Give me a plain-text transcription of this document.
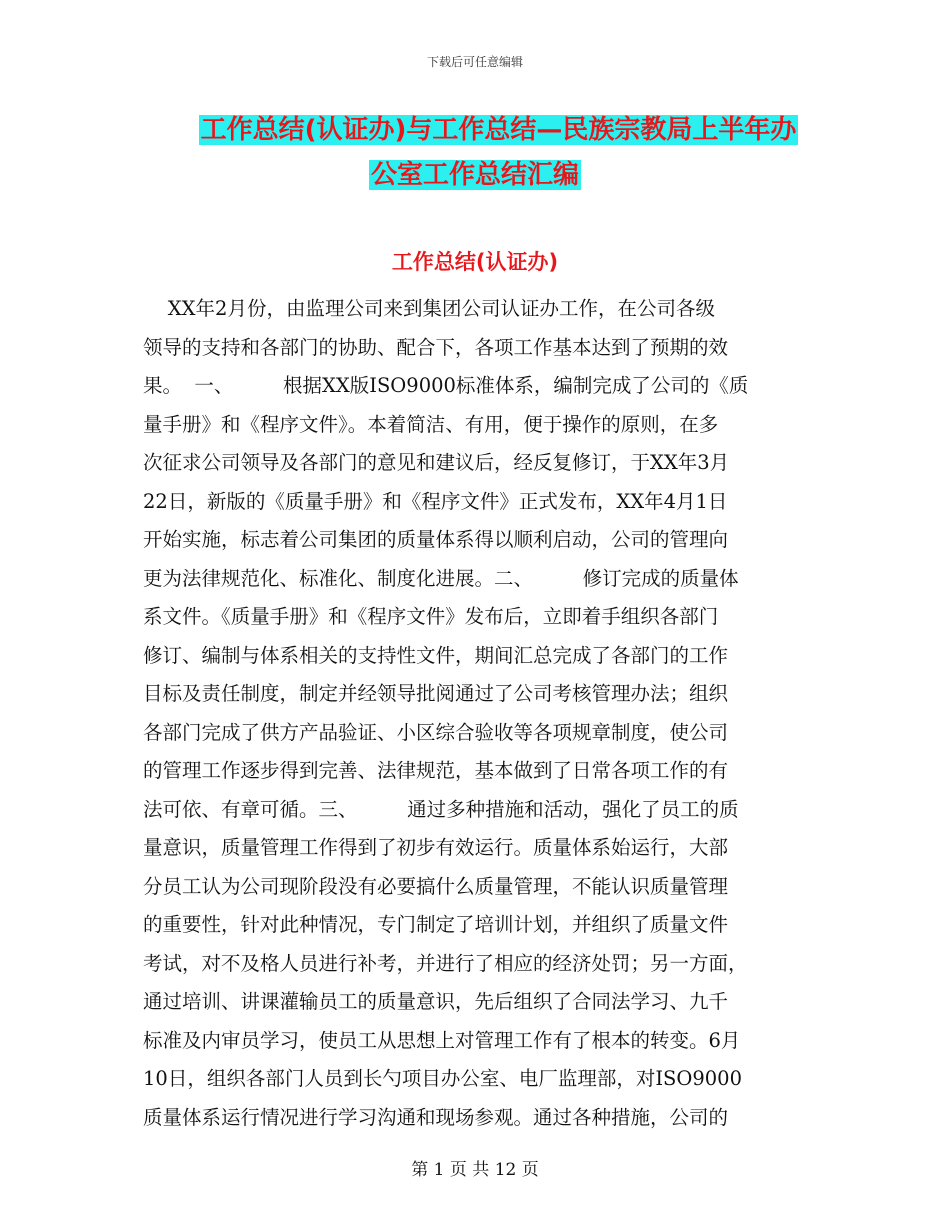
下载后可任意编辑
工作总结(认证办)与工作总结—民族宗教局上半年办
公室工作总结汇编
工作总结(认证办)
XX年2月份，由监理公司来到集团公司认证办工作，在公司各级
领导的支持和各部门的协助、配合下，各项工作基本达到了预期的效
果。  一、        根据XX版ISO9000标准体系，编制完成了公司的《质
量手册》和《程序文件》。本着简洁、有用，便于操作的原则，在多
次征求公司领导及各部门的意见和建议后，经反复修订，于XX年3月
22日，新版的《质量手册》和《程序文件》正式发布，XX年4月1日
开始实施，标志着公司集团的质量体系得以顺利启动，公司的管理向
更为法律规范化、标准化、制度化进展。二、        修订完成的质量体
系文件。《质量手册》和《程序文件》发布后，立即着手组织各部门
修订、编制与体系相关的支持性文件，期间汇总完成了各部门的工作
目标及责任制度，制定并经领导批阅通过了公司考核管理办法；组织
各部门完成了供方产品验证、小区综合验收等各项规章制度，使公司
的管理工作逐步得到完善、法律规范，基本做到了日常各项工作的有
法可依、有章可循。三、        通过多种措施和活动，强化了员工的质
量意识，质量管理工作得到了初步有效运行。质量体系始运行，大部
分员工认为公司现阶段没有必要搞什么质量管理，不能认识质量管理
的重要性，针对此种情况，专门制定了培训计划，并组织了质量文件
考试，对不及格人员进行补考，并进行了相应的经济处罚；另一方面，
通过培训、讲课灌输员工的质量意识，先后组织了合同法学习、九千
标准及内审员学习，使员工从思想上对管理工作有了根本的转变。6月
10日，组织各部门人员到长勺项目办公室、电厂监理部，对ISO9000
质量体系运行情况进行学习沟通和现场参观。通过各种措施，公司的
第 1 页 共 12 页
